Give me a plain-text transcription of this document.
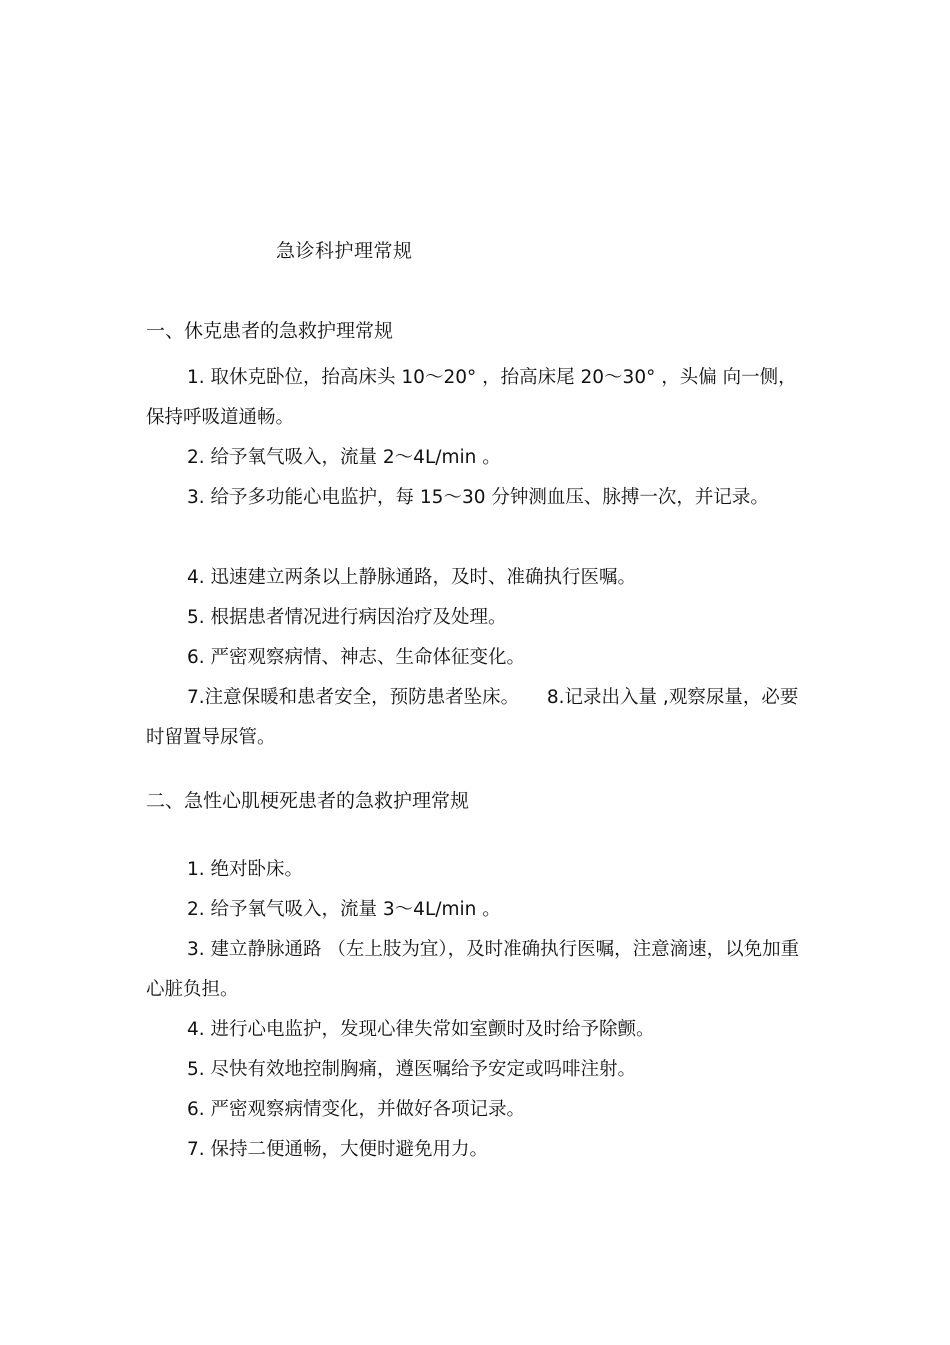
急诊科护理常规
一、休克患者的急救护理常规

1. 取休克卧位，抬高床头 10～20° ，抬高床尾 20～30° ，头偏 向一侧，保持呼吸道通畅。

2. 给予氧气吸入，流量 2～4L/min 。

3. 给予多功能心电监护，每 15～30 分钟测血压、脉搏一次，并记录。

4. 迅速建立两条以上静脉通路，及时、准确执行医嘱。

5. 根据患者情况进行病因治疗及处理。

6. 严密观察病情、神志、生命体征变化。

7.注意保暖和患者安全，预防患者坠床。　　8.记录出入量 ,观察尿量，必要时留置导尿管。

二、急性心肌梗死患者的急救护理常规

1. 绝对卧床。

2. 给予氧气吸入，流量 3～4L/min 。

3. 建立静脉通路 （左上肢为宜），及时准确执行医嘱，注意滴速，以免加重心脏负担。

4. 进行心电监护，发现心律失常如室颤时及时给予除颤。

5. 尽快有效地控制胸痛，遵医嘱给予安定或吗啡注射。

6. 严密观察病情变化，并做好各项记录。

7. 保持二便通畅，大便时避免用力。
